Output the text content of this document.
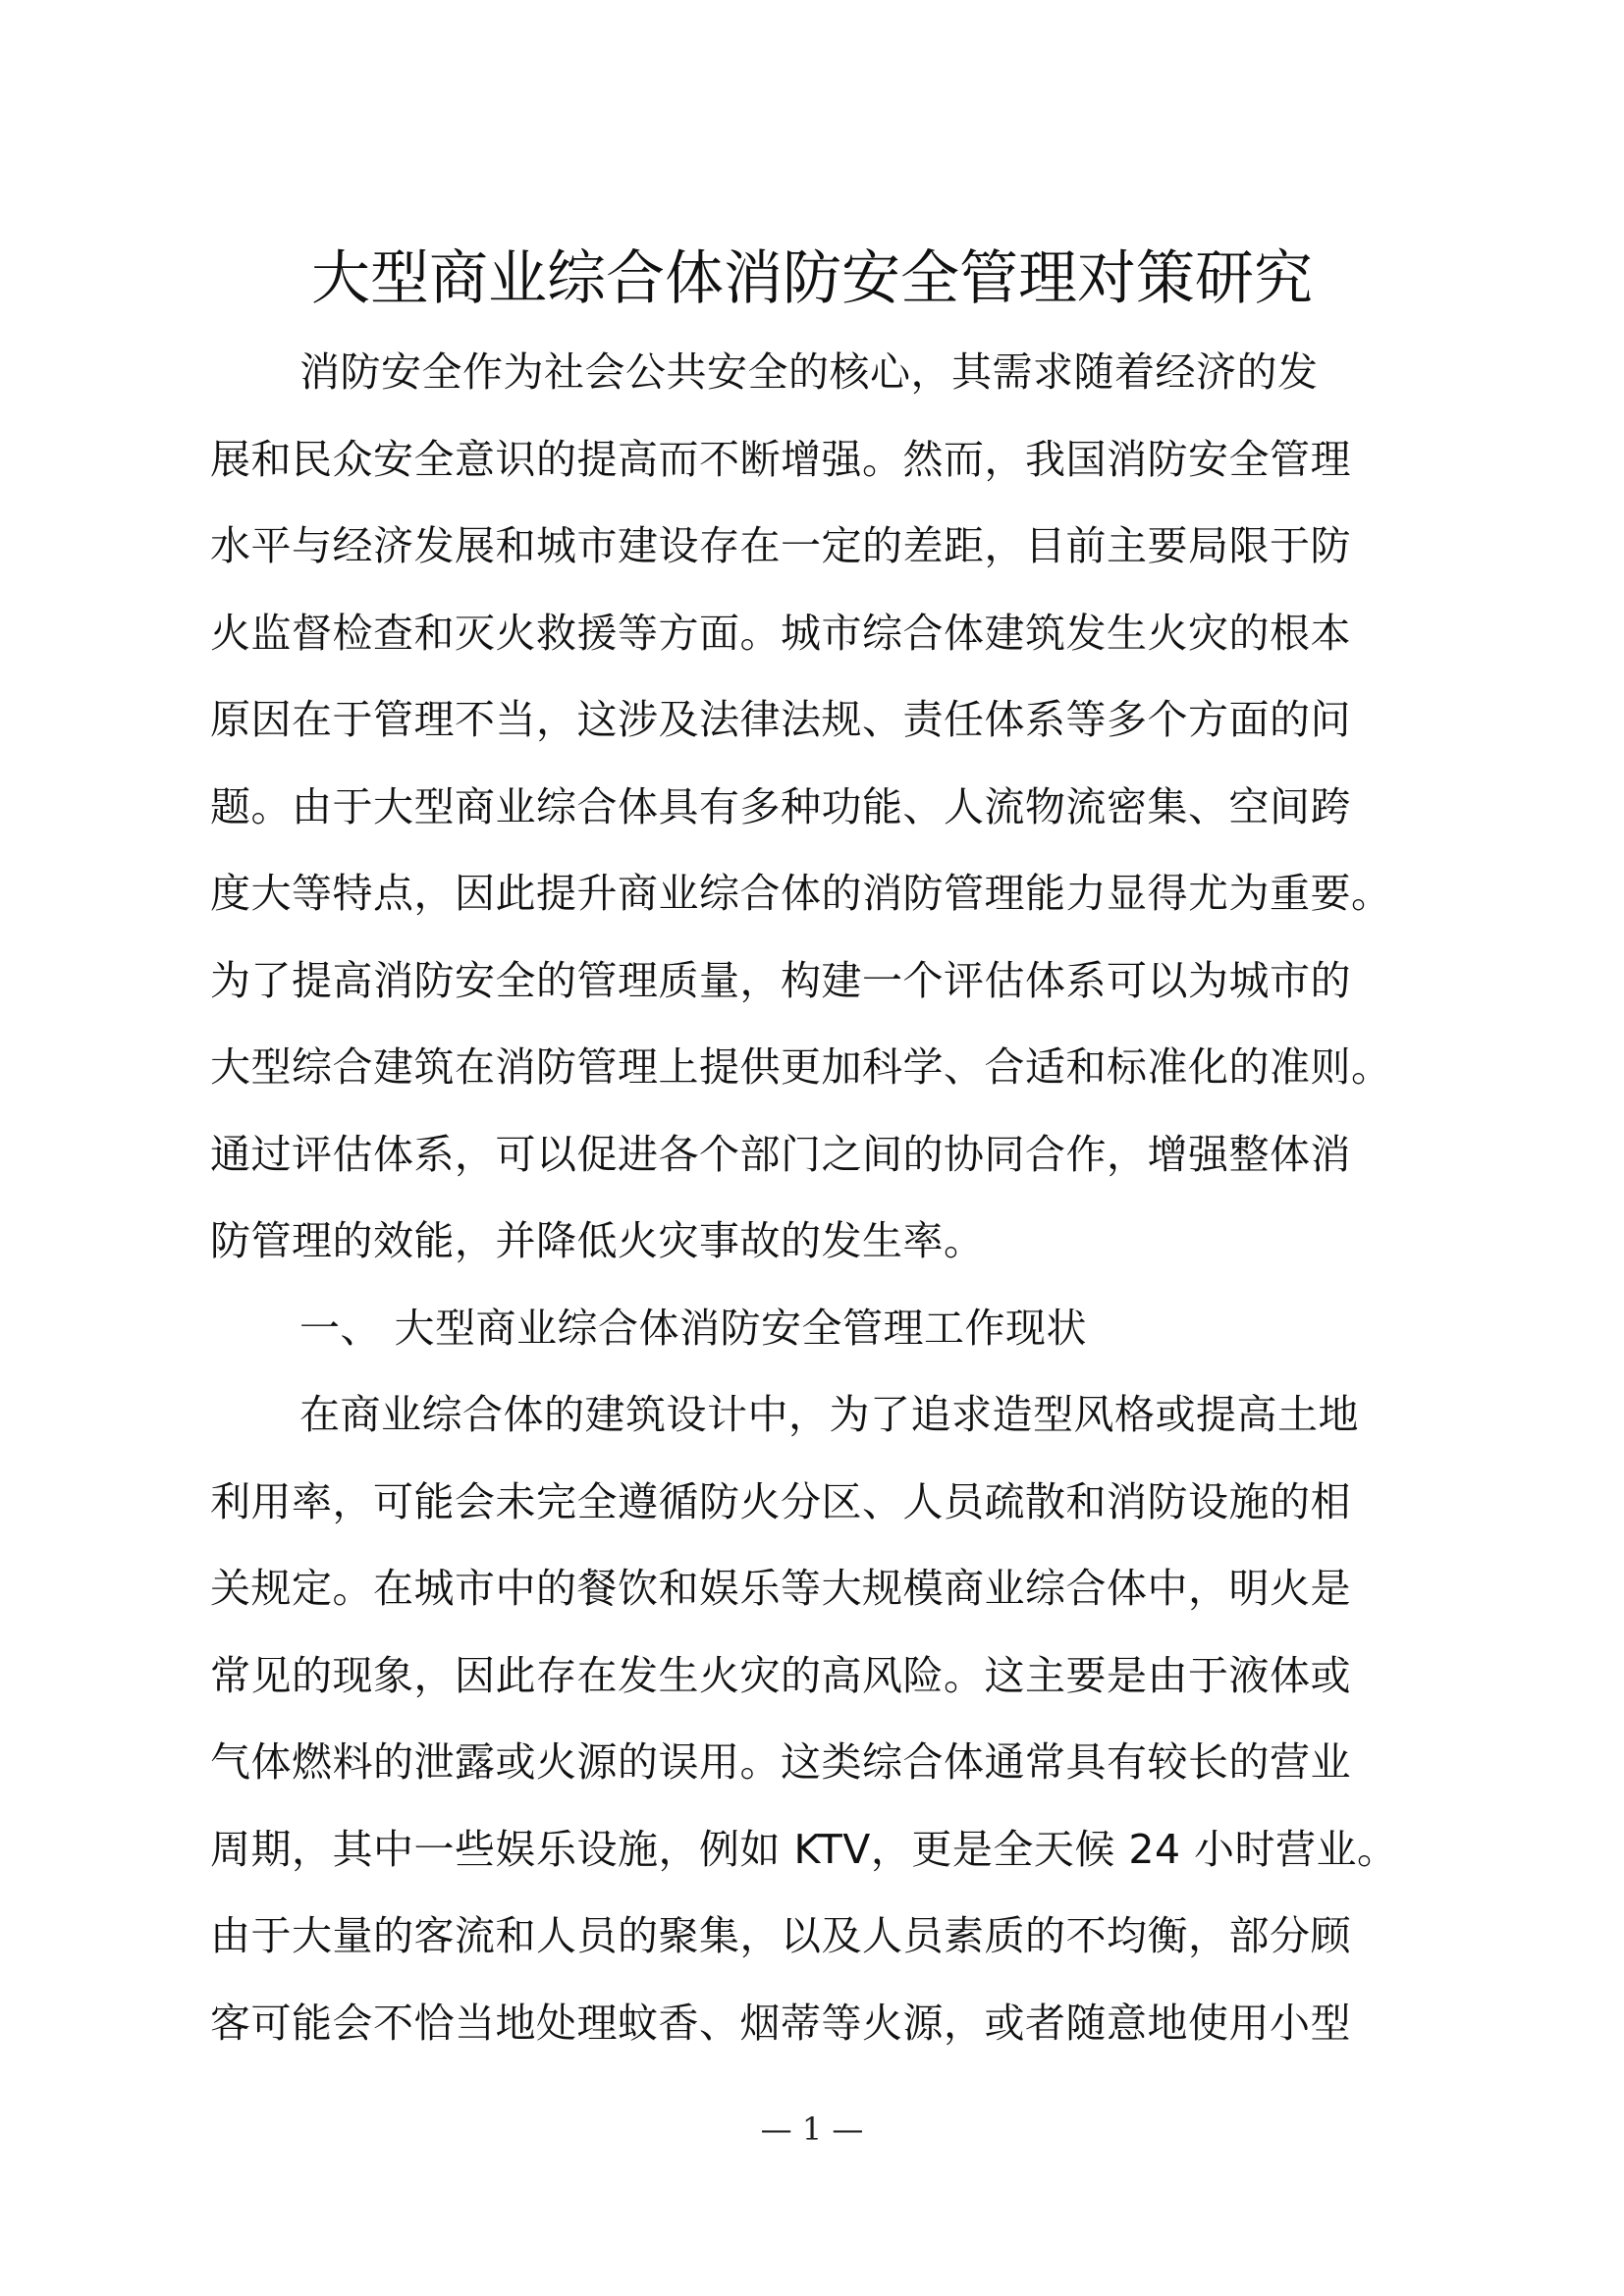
大型商业综合体消防安全管理对策研究
消防安全作为社会公共安全的核心，其需求随着经济的发
展和民众安全意识的提高而不断增强。然而，我国消防安全管理
水平与经济发展和城市建设存在一定的差距，目前主要局限于防
火监督检查和灭火救援等方面。城市综合体建筑发生火灾的根本
原因在于管理不当，这涉及法律法规、责任体系等多个方面的问
题。由于大型商业综合体具有多种功能、人流物流密集、空间跨
度大等特点，因此提升商业综合体的消防管理能力显得尤为重要。
为了提高消防安全的管理质量，构建一个评估体系可以为城市的
大型综合建筑在消防管理上提供更加科学、合适和标准化的准则。
通过评估体系，可以促进各个部门之间的协同合作，增强整体消
防管理的效能，并降低火灾事故的发生率。
一、 大型商业综合体消防安全管理工作现状
在商业综合体的建筑设计中，为了追求造型风格或提高土地
利用率，可能会未完全遵循防火分区、人员疏散和消防设施的相
关规定。在城市中的餐饮和娱乐等大规模商业综合体中，明火是
常见的现象，因此存在发生火灾的高风险。这主要是由于液体或
气体燃料的泄露或火源的误用。这类综合体通常具有较长的营业
周期，其中一些娱乐设施，例如 KTV，更是全天候 24 小时营业。
由于大量的客流和人员的聚集，以及人员素质的不均衡，部分顾
客可能会不恰当地处理蚊香、烟蒂等火源，或者随意地使用小型
— 1 —
